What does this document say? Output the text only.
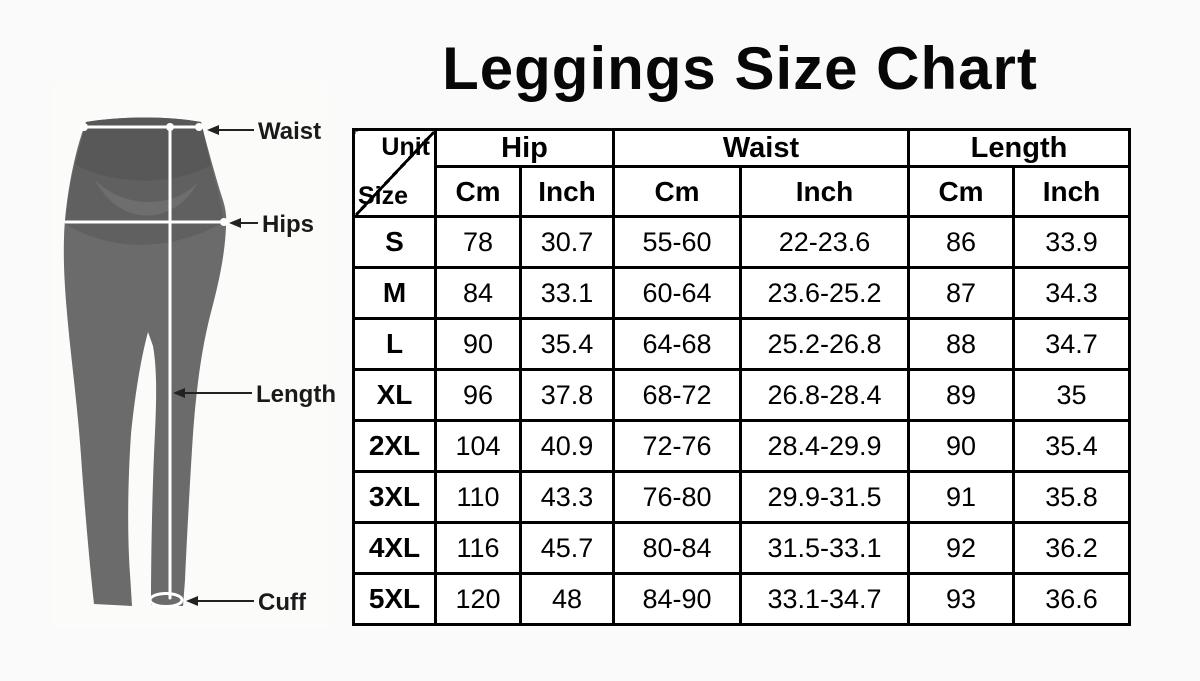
Leggings Size Chart
Waist
Hips
Length
Cuff
Unit
Size	Hip		Waist		Length	
	Cm	Inch	Cm	Inch	Cm	Inch
S	78	30.7	55-60	22-23.6	86	33.9
M	84	33.1	60-64	23.6-25.2	87	34.3
L	90	35.4	64-68	25.2-26.8	88	34.7
XL	96	37.8	68-72	26.8-28.4	89	35
2XL	104	40.9	72-76	28.4-29.9	90	35.4
3XL	110	43.3	76-80	29.9-31.5	91	35.8
4XL	116	45.7	80-84	31.5-33.1	92	36.2
5XL	120	48	84-90	33.1-34.7	93	36.6
